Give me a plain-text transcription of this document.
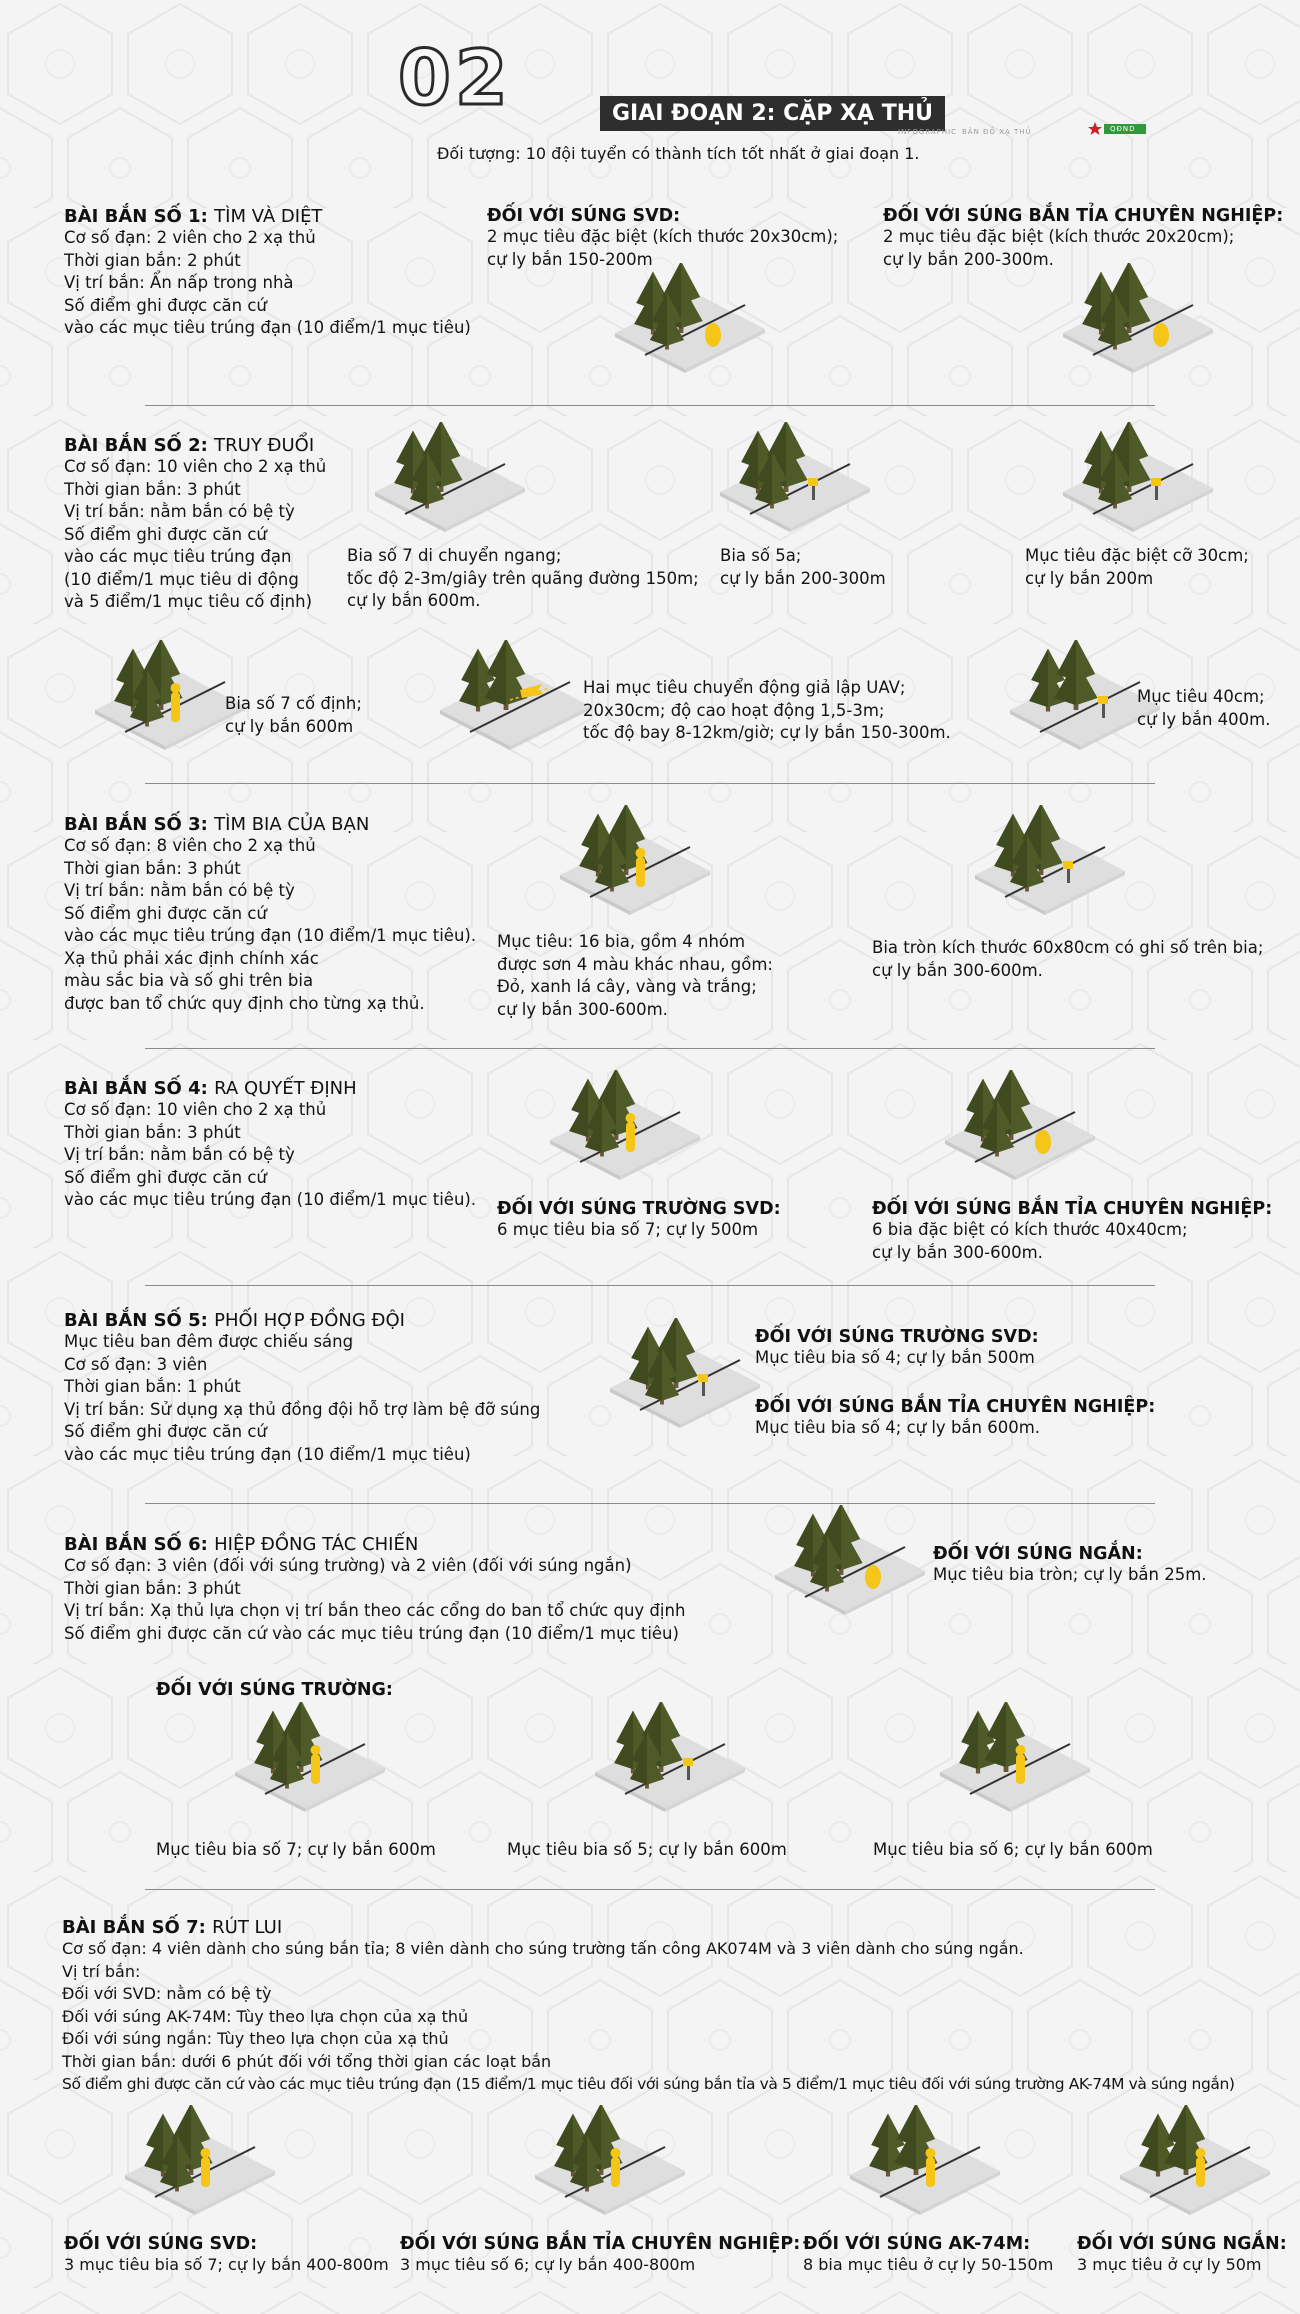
02	GIAI ĐOẠN 2: CẶP XẠ THỦ
INFOGRAPHIC BẢN ĐỒ XẠ THỦ	QĐND
Đối tượng: 10 đội tuyển có thành tích tốt nhất ở giai đoạn 1.
BÀI BẮN SỐ 1: TÌM VÀ DIỆT
Cơ số đạn: 2 viên cho 2 xạ thủ
Thời gian bắn: 2 phút
Vị trí bắn: Ẩn nấp trong nhà
Số điểm ghi được căn cứ
vào các mục tiêu trúng đạn (10 điểm/1 mục tiêu)
ĐỐI VỚI SÚNG SVD:
2 mục tiêu đặc biệt (kích thước 20x30cm);
cự ly bắn 150-200m
ĐỐI VỚI SÚNG BẮN TỈA CHUYÊN NGHIỆP:
2 mục tiêu đặc biệt (kích thước 20x20cm);
cự ly bắn 200-300m.
BÀI BẮN SỐ 2: TRUY ĐUỔI
Cơ số đạn: 10 viên cho 2 xạ thủ
Thời gian bắn: 3 phút
Vị trí bắn: nằm bắn có bệ tỳ
Số điểm ghi được căn cứ
vào các mục tiêu trúng đạn
(10 điểm/1 mục tiêu di động
và 5 điểm/1 mục tiêu cố định)
Bia số 7 di chuyển ngang;
tốc độ 2-3m/giây trên quãng đường 150m;
cự ly bắn 600m.
Bia số 5a;
cự ly bắn 200-300m
Mục tiêu đặc biệt cỡ 30cm;
cự ly bắn 200m
Bia số 7 cố định;
cự ly bắn 600m
Hai mục tiêu chuyển động giả lập UAV;
20x30cm; độ cao hoạt động 1,5-3m;
tốc độ bay 8-12km/giờ; cự ly bắn 150-300m.
Mục tiêu 40cm;
cự ly bắn 400m.
BÀI BẮN SỐ 3: TÌM BIA CỦA BẠN
Cơ số đạn: 8 viên cho 2 xạ thủ
Thời gian bắn: 3 phút
Vị trí bắn: nằm bắn có bệ tỳ
Số điểm ghi được căn cứ
vào các mục tiêu trúng đạn (10 điểm/1 mục tiêu).
Xạ thủ phải xác định chính xác
màu sắc bia và số ghi trên bia
được ban tổ chức quy định cho từng xạ thủ.
Mục tiêu: 16 bia, gồm 4 nhóm
được sơn 4 màu khác nhau, gồm:
Đỏ, xanh lá cây, vàng và trắng;
cự ly bắn 300-600m.
Bia tròn kích thước 60x80cm có ghi số trên bia;
cự ly bắn 300-600m.
BÀI BẮN SỐ 4: RA QUYẾT ĐỊNH
Cơ số đạn: 10 viên cho 2 xạ thủ
Thời gian bắn: 3 phút
Vị trí bắn: nằm bắn có bệ tỳ
Số điểm ghi được căn cứ
vào các mục tiêu trúng đạn (10 điểm/1 mục tiêu). ĐỐI VỚI SÚNG TRƯỜNG SVD:
6 mục tiêu bia số 7; cự ly 500m
ĐỐI VỚI SÚNG BẮN TỈA CHUYÊN NGHIỆP:
6 bia đặc biệt có kích thước 40x40cm;
cự ly bắn 300-600m.
BÀI BẮN SỐ 5: PHỐI HỢP ĐỒNG ĐỘI
Mục tiêu ban đêm được chiếu sáng
Cơ số đạn: 3 viên
Thời gian bắn: 1 phút
Vị trí bắn: Sử dụng xạ thủ đồng đội hỗ trợ làm bệ đỡ súng
Số điểm ghi được căn cứ
vào các mục tiêu trúng đạn (10 điểm/1 mục tiêu)
ĐỐI VỚI SÚNG TRƯỜNG SVD:
Mục tiêu bia số 4; cự ly bắn 500m
ĐỐI VỚI SÚNG BẮN TỈA CHUYÊN NGHIỆP:
Mục tiêu bia số 4; cự ly bắn 600m.
BÀI BẮN SỐ 6: HIỆP ĐỒNG TÁC CHIẾN
Cơ số đạn: 3 viên (đối với súng trường) và 2 viên (đối với súng ngắn)
Thời gian bắn: 3 phút
Vị trí bắn: Xạ thủ lựa chọn vị trí bắn theo các cổng do ban tổ chức quy định
Số điểm ghi được căn cứ vào các mục tiêu trúng đạn (10 điểm/1 mục tiêu)
ĐỐI VỚI SÚNG NGẮN:
Mục tiêu bia tròn; cự ly bắn 25m.
ĐỐI VỚI SÚNG TRƯỜNG:
Mục tiêu bia số 7; cự ly bắn 600m	Mục tiêu bia số 5; cự ly bắn 600m	Mục tiêu bia số 6; cự ly bắn 600m
BÀI BẮN SỐ 7: RÚT LUI
Cơ số đạn: 4 viên dành cho súng bắn tỉa; 8 viên dành cho súng trường tấn công AK074M và 3 viên dành cho súng ngắn.
Vị trí bắn:
Đối với SVD: nằm có bệ tỳ
Đối với súng AK-74M: Tùy theo lựa chọn của xạ thủ
Đối với súng ngắn: Tùy theo lựa chọn của xạ thủ
Thời gian bắn: dưới 6 phút đối với tổng thời gian các loạt bắn
Số điểm ghi được căn cứ vào các mục tiêu trúng đạn (15 điểm/1 mục tiêu đối với súng bắn tỉa và 5 điểm/1 mục tiêu đối với súng trường AK-74M và súng ngắn)
ĐỐI VỚI SÚNG SVD:
3 mục tiêu bia số 7; cự ly bắn 400-800m
ĐỐI VỚI SÚNG BẮN TỈA CHUYÊN NGHIỆP:
3 mục tiêu số 6; cự ly bắn 400-800m
ĐỐI VỚI SÚNG AK-74M:
8 bia mục tiêu ở cự ly 50-150m
ĐỐI VỚI SÚNG NGẮN:
3 mục tiêu ở cự ly 50m
